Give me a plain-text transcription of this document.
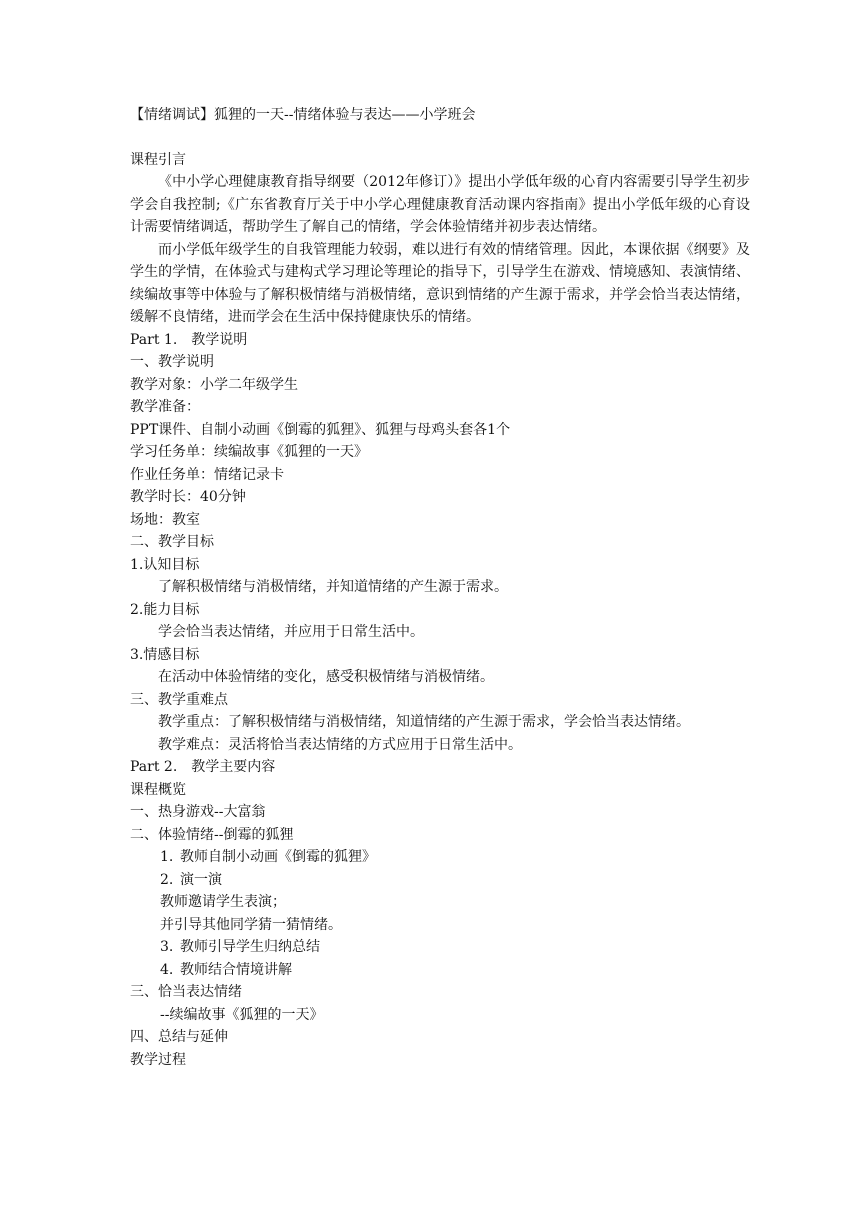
【情绪调试】狐狸的一天--情绪体验与表达——小学班会
课程引言
《中小学心理健康教育指导纲要（2012年修订）》提出小学低年级的心育内容需要引导学生初步学会自我控制;《广东省教育厅关于中小学心理健康教育活动课内容指南》提出小学低年级的心育设计需要情绪调适，帮助学生了解自己的情绪，学会体验情绪并初步表达情绪。
而小学低年级学生的自我管理能力较弱，难以进行有效的情绪管理。因此，本课依据《纲要》及学生的学情，在体验式与建构式学习理论等理论的指导下，引导学生在游戏、情境感知、表演情绪、续编故事等中体验与了解积极情绪与消极情绪，意识到情绪的产生源于需求，并学会恰当表达情绪，缓解不良情绪，进而学会在生活中保持健康快乐的情绪。
Part 1. 教学说明
一、教学说明
教学对象：小学二年级学生
教学准备：
PPT课件、自制小动画《倒霉的狐狸》、狐狸与母鸡头套各1个
学习任务单：续编故事《狐狸的一天》
作业任务单：情绪记录卡
教学时长：40分钟
场地：教室
二、教学目标
1.认知目标
了解积极情绪与消极情绪，并知道情绪的产生源于需求。
2.能力目标
学会恰当表达情绪，并应用于日常生活中。
3.情感目标
在活动中体验情绪的变化，感受积极情绪与消极情绪。
三、教学重难点
教学重点：了解积极情绪与消极情绪，知道情绪的产生源于需求，学会恰当表达情绪。
教学难点：灵活将恰当表达情绪的方式应用于日常生活中。
Part 2. 教学主要内容
课程概览
一、热身游戏--大富翁
二、体验情绪--倒霉的狐狸
1. 教师自制小动画《倒霉的狐狸》
2. 演一演
教师邀请学生表演；
并引导其他同学猜一猜情绪。
3. 教师引导学生归纳总结
4. 教师结合情境讲解
三、恰当表达情绪
--续编故事《狐狸的一天》
四、总结与延伸
教学过程
